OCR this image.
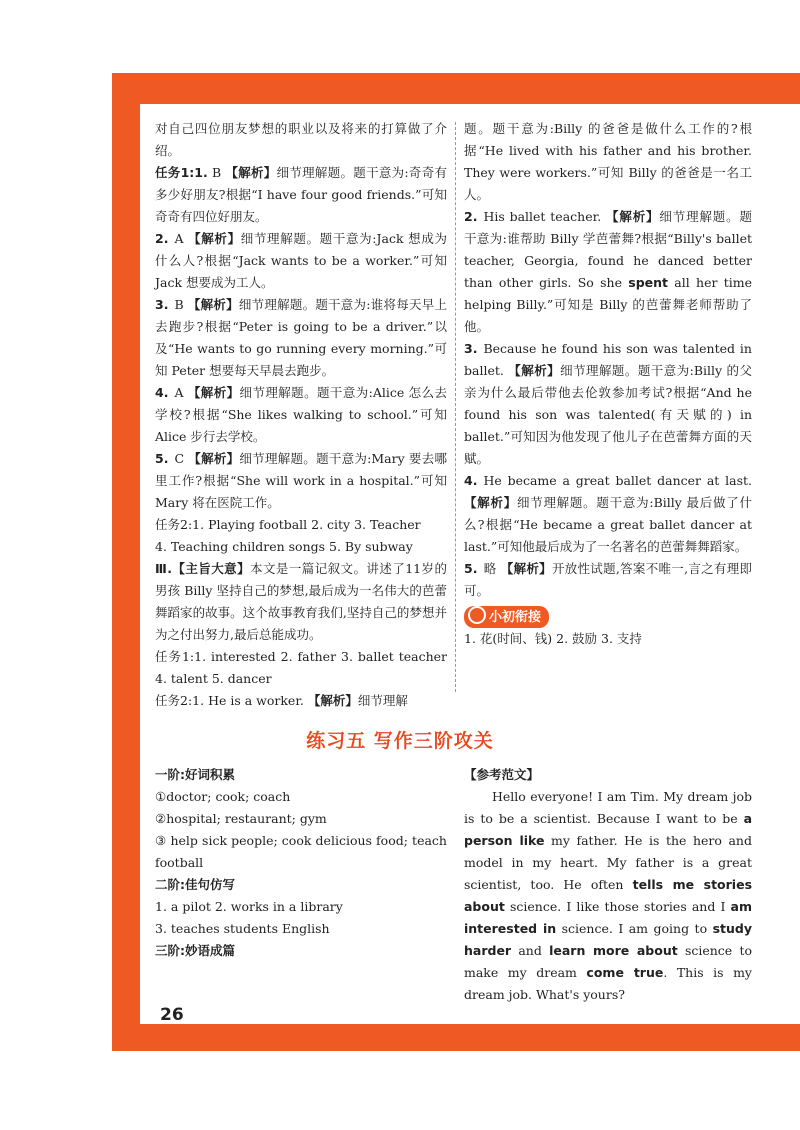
对自己四位朋友梦想的职业以及将来的打算做了介绍。

任务1:1. B 【解析】细节理解题。题干意为:奇奇有多少好朋友?根据“I have four good friends.”可知奇奇有四位好朋友。

2. A 【解析】细节理解题。题干意为:Jack 想成为什么人?根据“Jack wants to be a worker.”可知 Jack 想要成为工人。

3. B 【解析】细节理解题。题干意为:谁将每天早上去跑步?根据“Peter is going to be a driver.”以及“He wants to go running every morning.”可知 Peter 想要每天早晨去跑步。

4. A 【解析】细节理解题。题干意为:Alice 怎么去学校?根据“She likes walking to school.”可知 Alice 步行去学校。

5. C 【解析】细节理解题。题干意为:Mary 要去哪里工作?根据“She will work in a hospital.”可知Mary 将在医院工作。

任务2:1. Playing football 2. city 3. Teacher

4. Teaching children songs 5. By subway

Ⅲ.【主旨大意】本文是一篇记叙文。讲述了11岁的男孩 Billy 坚持自己的梦想,最后成为一名伟大的芭蕾舞蹈家的故事。这个故事教育我们,坚持自己的梦想并为之付出努力,最后总能成功。

任务1:1. interested 2. father 3. ballet teacher 4. talent 5. dancer

任务2:1. He is a worker. 【解析】细节理解

题。题干意为:Billy 的爸爸是做什么工作的?根据“He lived with his father and his brother. They were workers.”可知 Billy 的爸爸是一名工人。

2. His ballet teacher. 【解析】细节理解题。题干意为:谁帮助 Billy 学芭蕾舞?根据“Billy's ballet teacher, Georgia, found he danced better than other girls. So she spent all her time helping Billy.”可知是 Billy 的芭蕾舞老师帮助了他。

3. Because he found his son was talented in ballet. 【解析】细节理解题。题干意为:Billy 的父亲为什么最后带他去伦敦参加考试?根据“And he found his son was talented(有天赋的) in ballet.”可知因为他发现了他儿子在芭蕾舞方面的天赋。

4. He became a great ballet dancer at last. 【解析】细节理解题。题干意为:Billy 最后做了什么?根据“He became a great ballet dancer at last.”可知他最后成为了一名著名的芭蕾舞舞蹈家。

5. 略 【解析】开放性试题,答案不唯一,言之有理即可。

小初衔接

1. 花(时间、钱) 2. 鼓励 3. 支持

练习五 写作三阶攻关

一阶:好词积累

①doctor; cook; coach

②hospital; restaurant; gym

③ help sick people; cook delicious food; teach football

二阶:佳句仿写

1. a pilot 2. works in a library

3. teaches students English

三阶:妙语成篇

【参考范文】

Hello everyone! I am Tim. My dream job is to be a scientist. Because I want to be a person like my father. He is the hero and model in my heart. My father is a great scientist, too. He often tells me stories about science. I like those stories and I am interested in science. I am going to study harder and learn more about science to make my dream come true. This is my dream job. What's yours?

26
